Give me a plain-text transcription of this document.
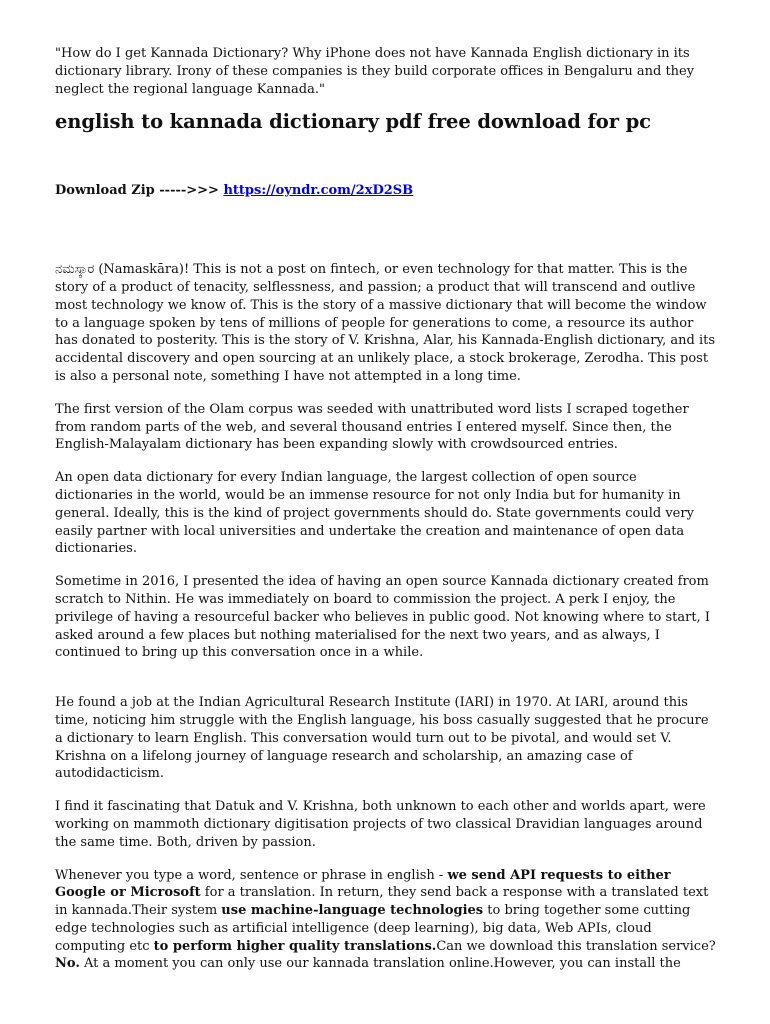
"How do I get Kannada Dictionary? Why iPhone does not have Kannada English dictionary in its dictionary library. Irony of these companies is they build corporate offices in Bengaluru and they neglect the regional language Kannada."

english to kannada dictionary pdf free download for pc

Download Zip ----->>> https://oyndr.com/2xD2SB

ನಮಸ್ಕಾರ (Namaskāra)! This is not a post on fintech, or even technology for that matter. This is the story of a product of tenacity, selflessness, and passion; a product that will transcend and outlive most technology we know of. This is the story of a massive dictionary that will become the window to a language spoken by tens of millions of people for generations to come, a resource its author has donated to posterity. This is the story of V. Krishna, Alar, his Kannada-English dictionary, and its accidental discovery and open sourcing at an unlikely place, a stock brokerage, Zerodha. This post is also a personal note, something I have not attempted in a long time.

The first version of the Olam corpus was seeded with unattributed word lists I scraped together from random parts of the web, and several thousand entries I entered myself. Since then, the English-Malayalam dictionary has been expanding slowly with crowdsourced entries.

An open data dictionary for every Indian language, the largest collection of open source dictionaries in the world, would be an immense resource for not only India but for humanity in general. Ideally, this is the kind of project governments should do. State governments could very easily partner with local universities and undertake the creation and maintenance of open data dictionaries.

Sometime in 2016, I presented the idea of having an open source Kannada dictionary created from scratch to Nithin. He was immediately on board to commission the project. A perk I enjoy, the privilege of having a resourceful backer who believes in public good. Not knowing where to start, I asked around a few places but nothing materialised for the next two years, and as always, I continued to bring up this conversation once in a while.

He found a job at the Indian Agricultural Research Institute (IARI) in 1970. At IARI, around this time, noticing him struggle with the English language, his boss casually suggested that he procure a dictionary to learn English. This conversation would turn out to be pivotal, and would set V. Krishna on a lifelong journey of language research and scholarship, an amazing case of autodidacticism.

I find it fascinating that Datuk and V. Krishna, both unknown to each other and worlds apart, were working on mammoth dictionary digitisation projects of two classical Dravidian languages around the same time. Both, driven by passion.

Whenever you type a word, sentence or phrase in english - we send API requests to either Google or Microsoft for a translation. In return, they send back a response with a translated text in kannada.Their system use machine-language technologies to bring together some cutting edge technologies such as artificial intelligence (deep learning), big data, Web APIs, cloud computing etc to perform higher quality translations.Can we download this translation service?
No. At a moment you can only use our kannada translation online.However, you can install the
